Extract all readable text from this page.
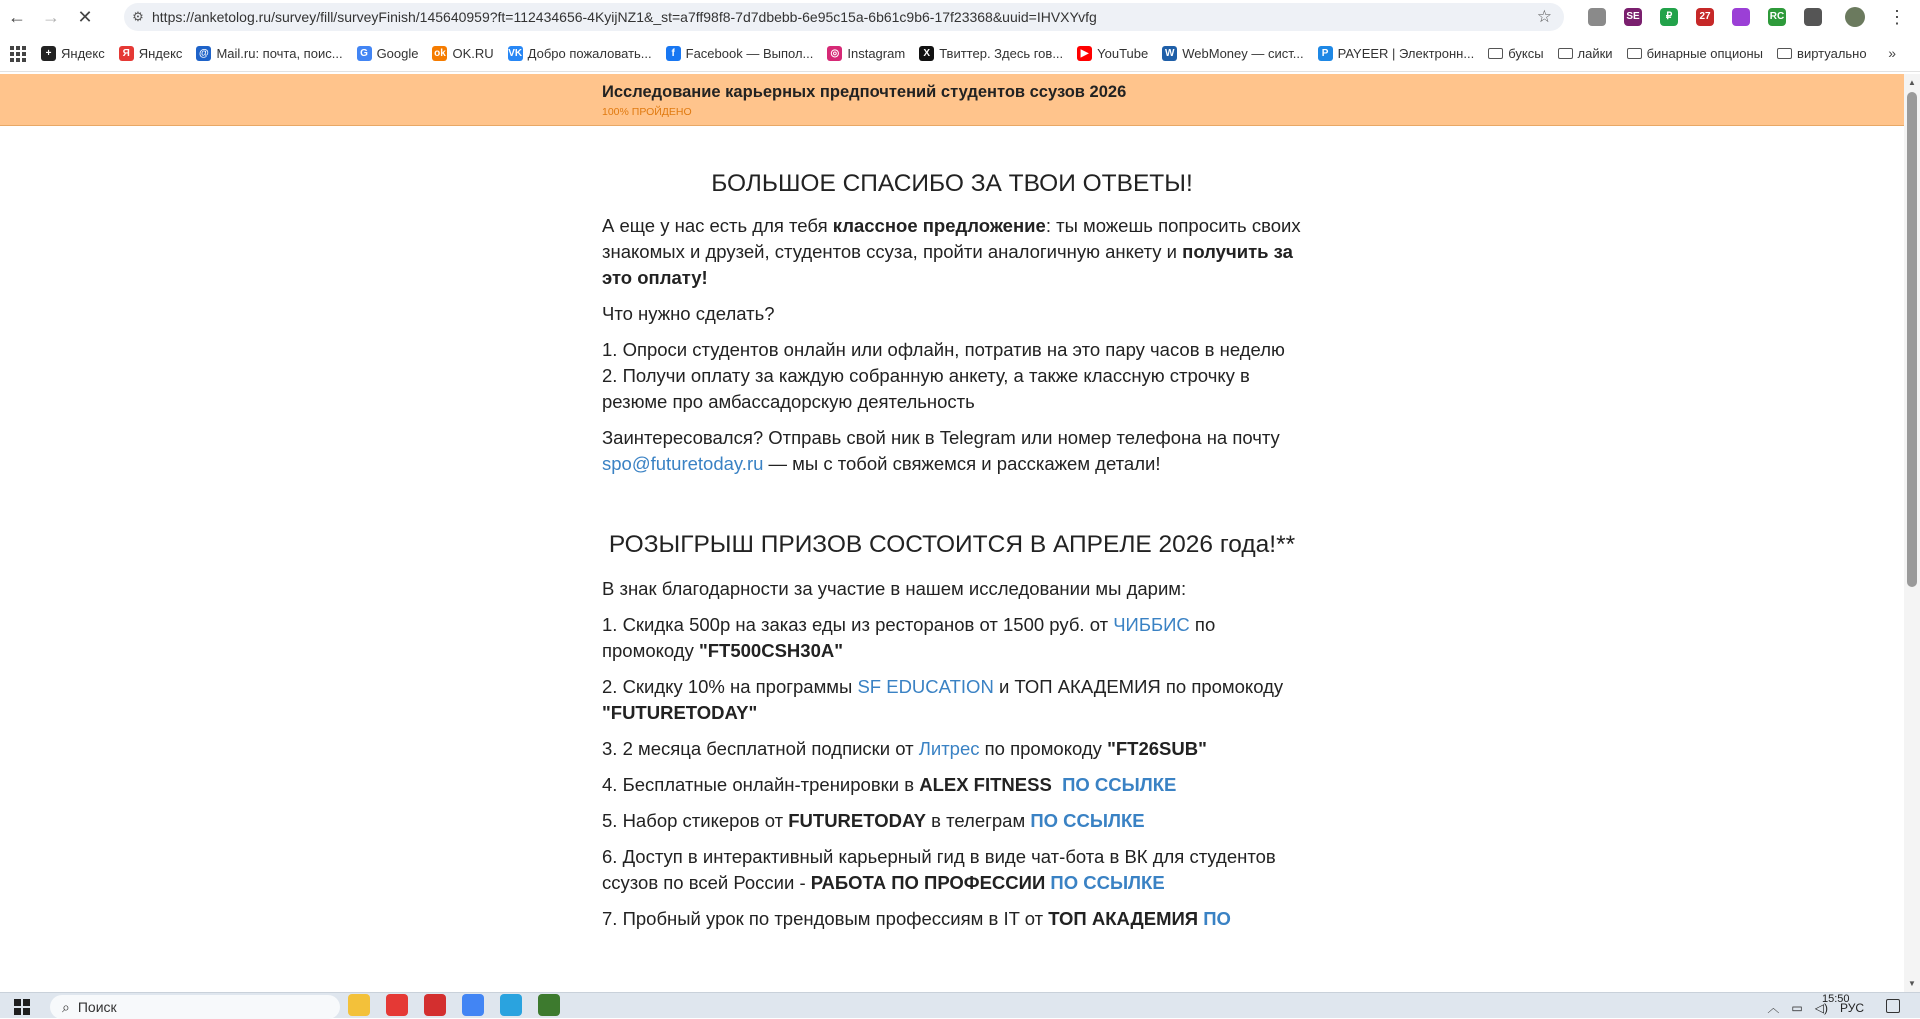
← → ✕	⚙ https://anketolog.ru/survey/fill/surveyFinish/145640959?ft=112434656-4KyijNZ1&_st=a7ff98f8-7d7dbebb-6e95c15a-6b61c9b6-17f23368&uuid=IHVXYvfg	☆	SE	₽	27	RC	⋮
+ Яндекс	Я Яндекс @ Mail.ru: почта, поис...	G Google ok OK.RU VK Добро пожаловать...	f Facebook — Выпол...	◎ Instagram	X Твиттер. Здесь гов...	▶ YouTube W WebMoney — сист...	P PAYEER | Электронн...	буксы	лайки	бинарные опционы	виртуально »
Исследование карьерных предпочтений студентов ссузов 2026
100% ПРОЙДЕНО
БОЛЬШОЕ СПАСИБО ЗА ТВОИ ОТВЕТЫ!
А еще у нас есть для тебя классное предложение: ты можешь попросить своих знакомых и друзей, студентов ссуза, пройти аналогичную анкету и получить за это оплату!
Что нужно сделать?
1. Опроси студентов онлайн или офлайн, потратив на это пару часов в неделю
2. Получи оплату за каждую собранную анкету, а также классную строчку в резюме про амбассадорскую деятельность
Заинтересовался? Отправь свой ник в Telegram или номер телефона на почту spo@futuretoday.ru — мы с тобой свяжемся и расскажем детали!
РОЗЫГРЫШ ПРИЗОВ СОСТОИТСЯ В АПРЕЛЕ 2026 года!**
В знак благодарности за участие в нашем исследовании мы дарим:
1. Скидка 500р на заказ еды из ресторанов от 1500 руб. от ЧИББИС по промокоду "FT500CSH30A"
2. Скидку 10% на программы SF EDUCATION и ТОП АКАДЕМИЯ по промокоду "FUTURETODAY"
3. 2 месяца бесплатной подписки от Литрес по промокоду "FT26SUB"
4. Бесплатные онлайн-тренировки в ALEX FITNESS ПО ССЫЛКЕ
5. Набор стикеров от FUTURETODAY в телеграм ПО ССЫЛКЕ
6. Доступ в интерактивный карьерный гид в виде чат-бота в ВК для студентов ссузов по всей России - РАБОТА ПО ПРОФЕССИИ ПО ССЫЛКЕ
7. Пробный урок по трендовым профессиям в IT от ТОП АКАДЕМИЯ ПО
▲
▼
⌕ Поиск	︿ ▭ ◁) РУС
15:50
